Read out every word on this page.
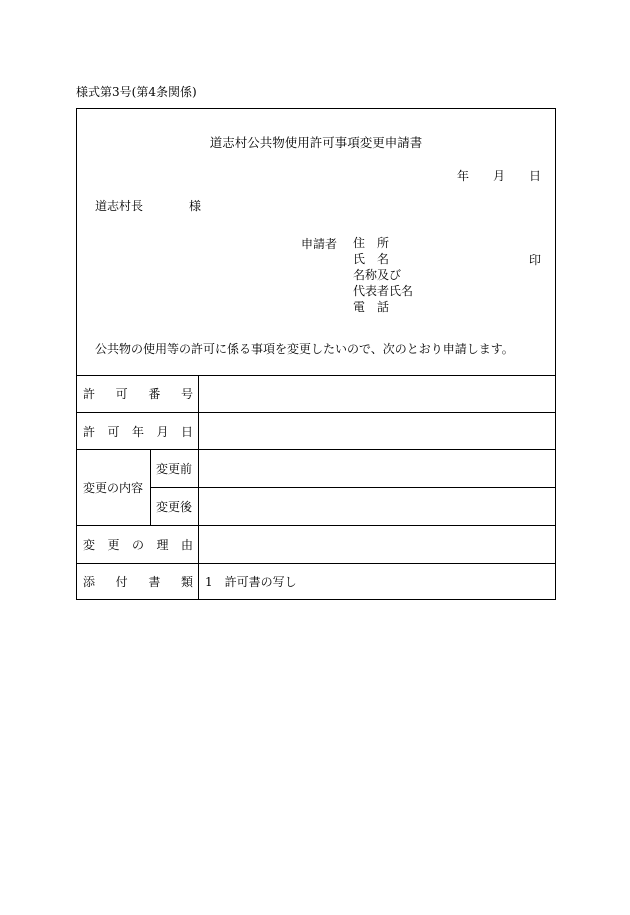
様式第3号(第4条関係)
道志村公共物使用許可事項変更申請書
年 月 日
道志村長	様
申請者 住　所
氏　名
名称及び
代表者氏名
電　話
印
公共物の使用等の許可に係る事項を変更したいので、次のとおり申請します。
許 可 番 号
許 可 年 月 日
変更の内容
変更前
変更後
変 更 の 理 由
添 付 書 類 1　許可書の写し
